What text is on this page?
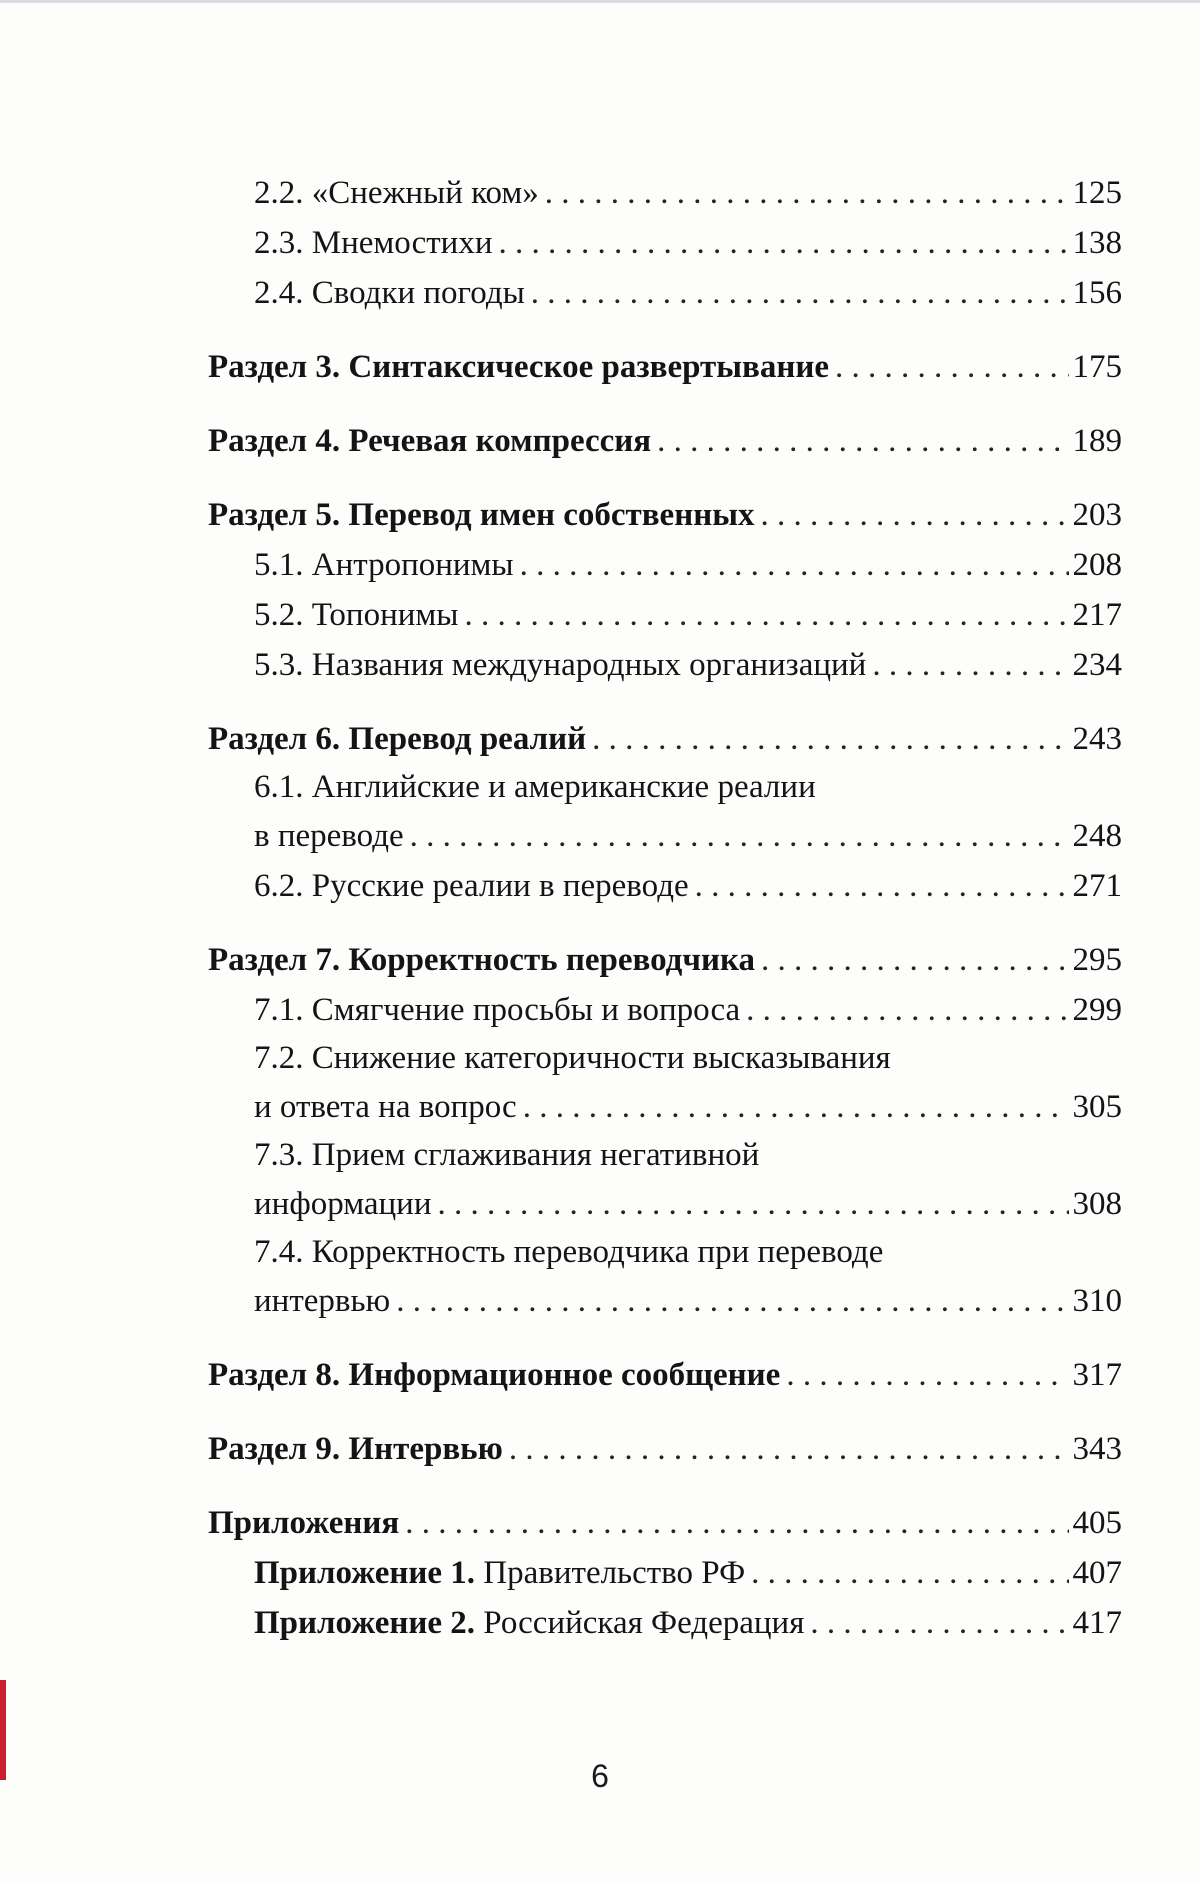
2.2. «Снежный ком» . . .	125
2.3. Мнемостихи . . .	138
2.4. Сводки погоды . . .	156
Раздел 3. Синтаксическое развертывание . . .	175
Раздел 4. Речевая компрессия . . .	189
Раздел 5. Перевод имен собственных . . .	203
5.1. Антропонимы . . .	208
5.2. Топонимы . . .	217
5.3. Названия международных организаций . . .	234
Раздел 6. Перевод реалий . . .	243
6.1. Английские и американские реалии
в переводе . . .	248
6.2. Русские реалии в переводе . . .	271
Раздел 7. Корректность переводчика . . .	295
7.1. Смягчение просьбы и вопроса . . .	299
7.2. Снижение категоричности высказывания
и ответа на вопрос . . .	305
7.3. Прием сглаживания негативной
информации . . .	308
7.4. Корректность переводчика при переводе
интервью . . .	310
Раздел 8. Информационное сообщение . . .	317
Раздел 9. Интервью . . .	343
Приложения . . .	405
Приложение 1. Правительство РФ . . .	407
Приложение 2. Российская Федерация . . .	417
6
